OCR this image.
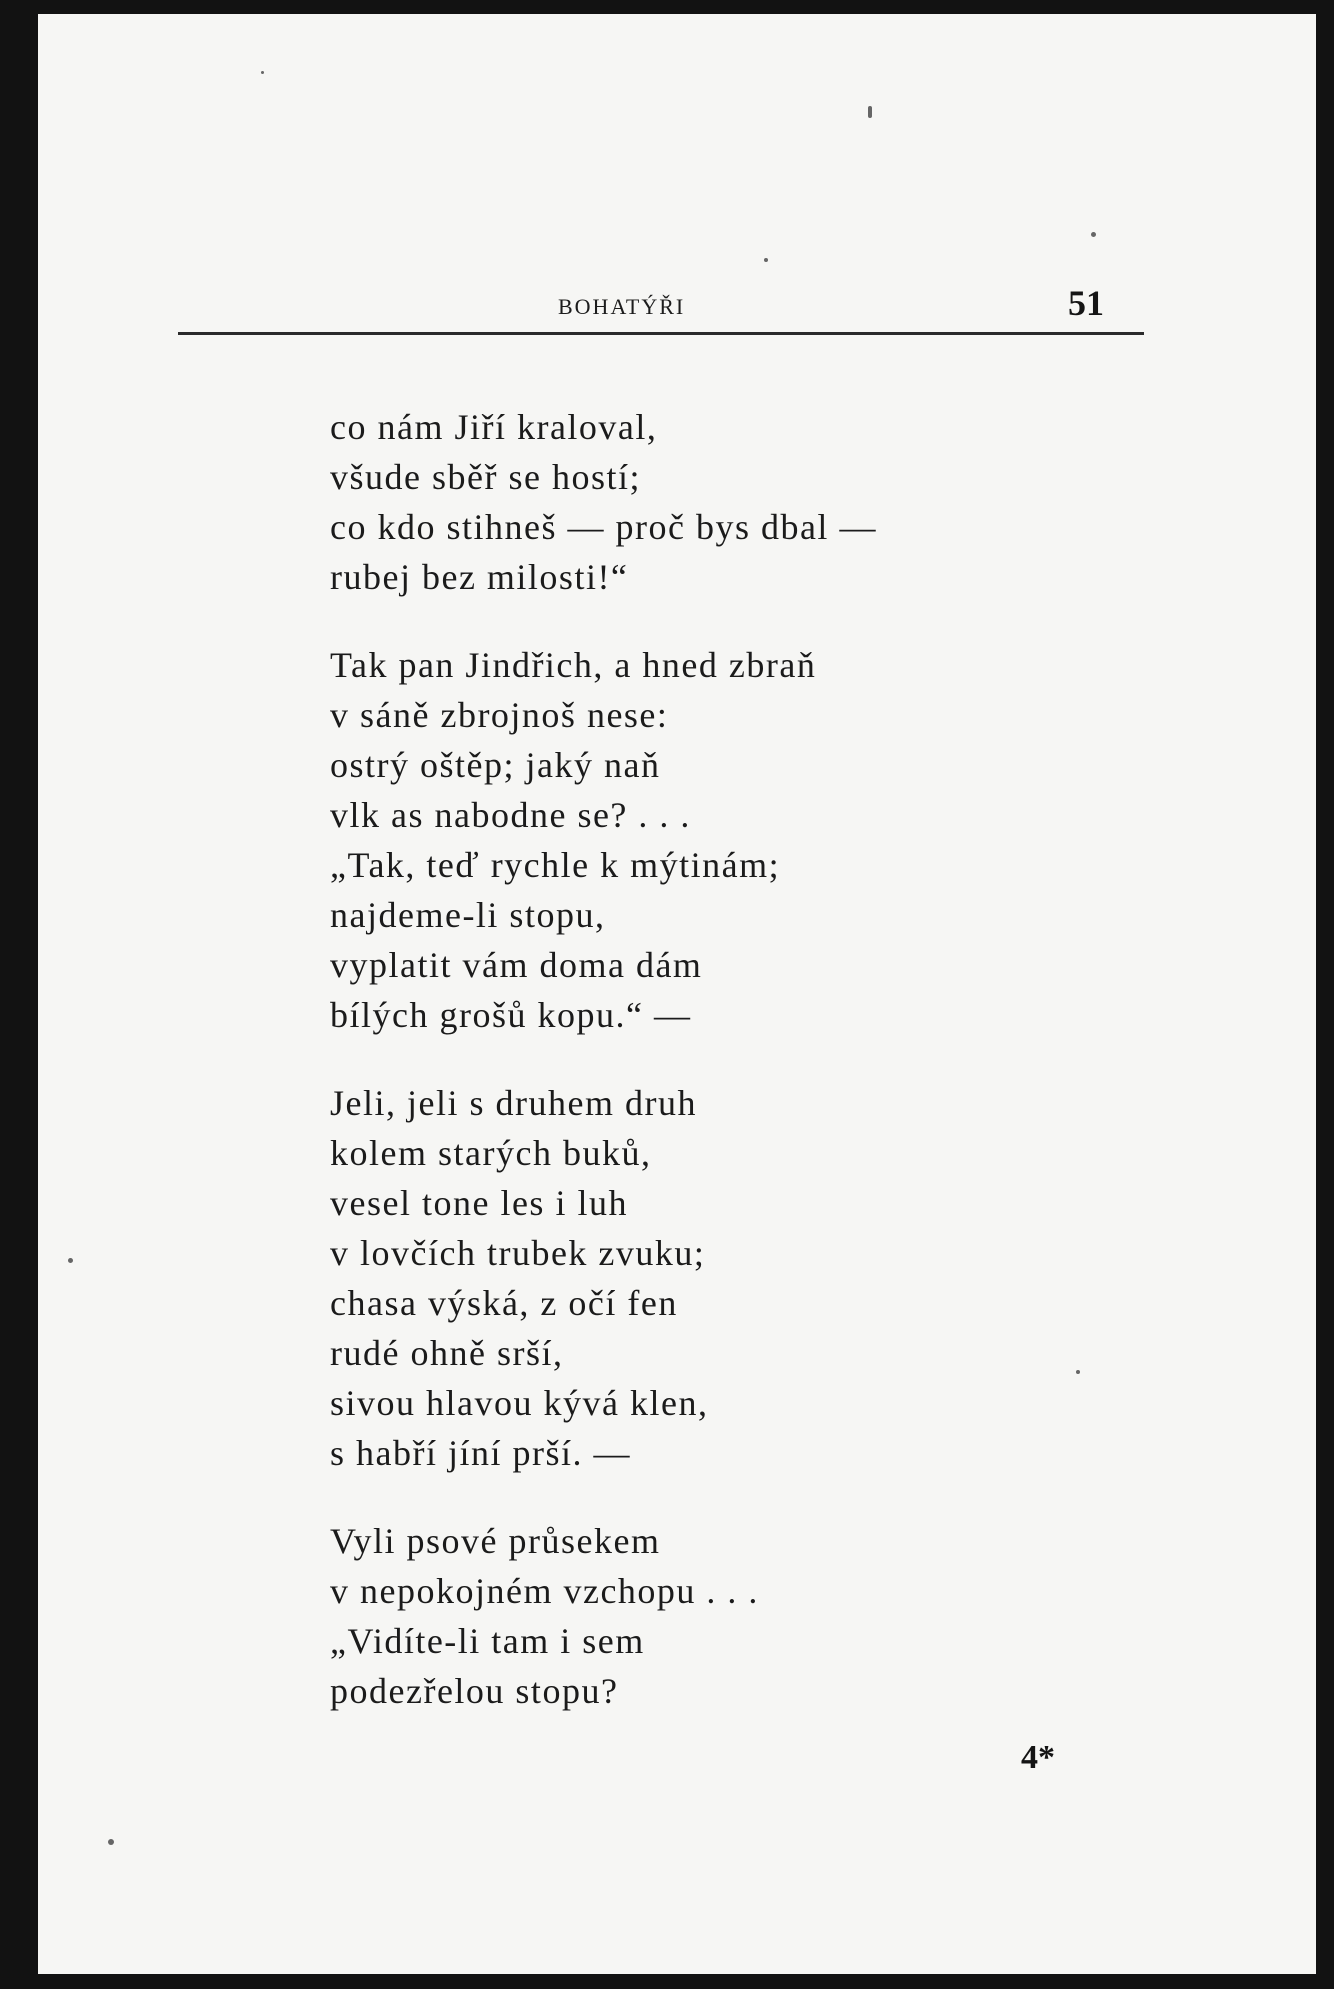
BOHATÝŘI	51
co nám Jiří kraloval,
všude sběř se hostí;
co kdo stihneš — proč bys dbal —
rubej bez milosti!“
Tak pan Jindřich, a hned zbraň
v sáně zbrojnoš nese:
ostrý oštěp; jaký naň
vlk as nabodne se? . . .
„Tak, teď rychle k mýtinám;
najdeme-li stopu,
vyplatit vám doma dám
bílých grošů kopu.“ —
Jeli, jeli s druhem druh
kolem starých buků,
vesel tone les i luh
v lovčích trubek zvuku;
chasa výská, z očí fen
rudé ohně srší,
sivou hlavou kývá klen,
s habří jíní prší. —
Vyli psové průsekem
v nepokojném vzchopu . . .
„Vidíte-li tam i sem
podezřelou stopu?
4*
